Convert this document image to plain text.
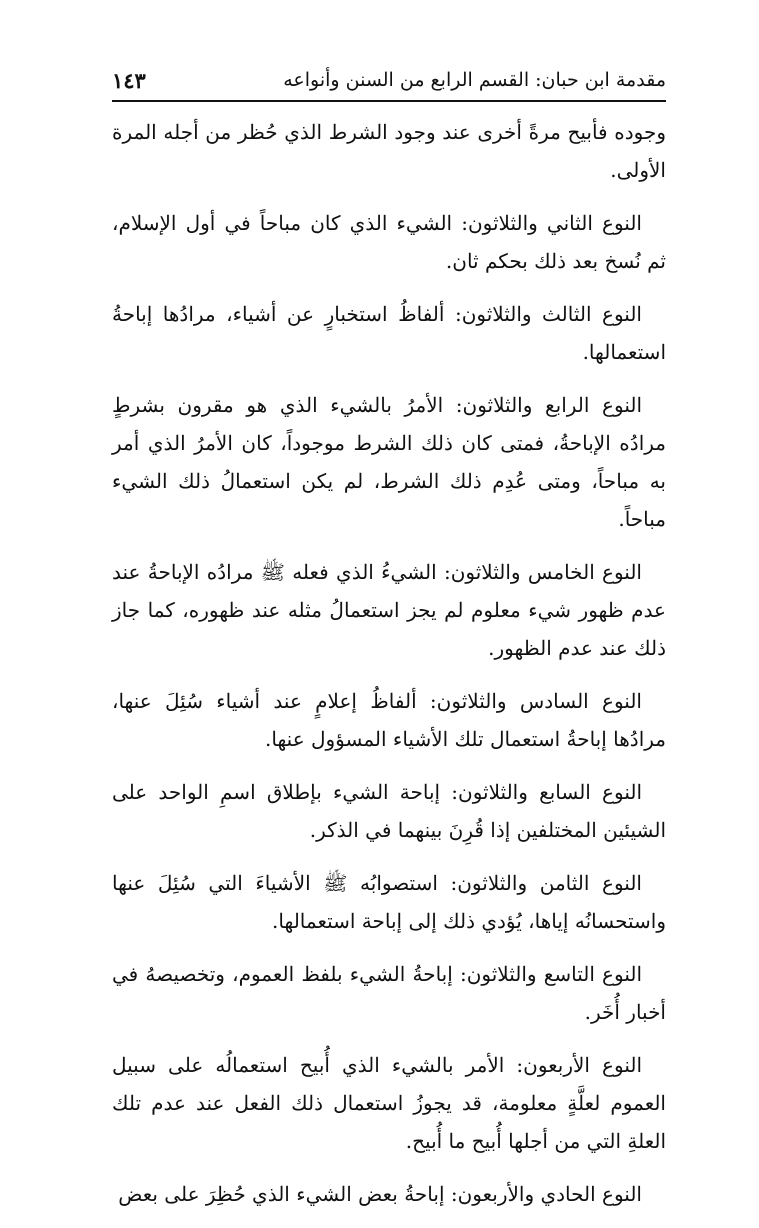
مقدمة ابن حبان: القسم الرابع من السنن وأنواعه
١٤٣

وجوده فأبيح مرةً أخرى عند وجود الشرط الذي حُظر من أجله المرة الأولى.

النوع الثاني والثلاثون: الشيء الذي كان مباحاً في أول الإسلام، ثم نُسخ بعد ذلك بحكم ثان.

النوع الثالث والثلاثون: ألفاظُ استخبارٍ عن أشياء، مرادُها إباحةُ استعمالها.

النوع الرابع والثلاثون: الأمرُ بالشيء الذي هو مقرون بشرطٍ مرادُه الإباحةُ، فمتى كان ذلك الشرط موجوداً، كان الأمرُ الذي أمر به مباحاً، ومتى عُدِم ذلك الشرط، لم يكن استعمالُ ذلك الشيء مباحاً.

النوع الخامس والثلاثون: الشيءُ الذي فعله ﷺ مرادُه الإباحةُ عند عدم ظهور شيء معلوم لم يجز استعمالُ مثله عند ظهوره، كما جاز ذلك عند عدم الظهور.

النوع السادس والثلاثون: ألفاظُ إعلامٍ عند أشياء سُئِلَ عنها، مرادُها إباحةُ استعمال تلك الأشياء المسؤول عنها.

النوع السابع والثلاثون: إباحة الشيء بإطلاق اسمِ الواحد على الشيئين المختلفين إذا قُرِنَ بينهما في الذكر.

النوع الثامن والثلاثون: استصوابُه ﷺ الأشياءَ التي سُئِلَ عنها واستحسانُه إياها، يُؤدي ذلك إلى إباحة استعمالها.

النوع التاسع والثلاثون: إباحةُ الشيء بلفظ العموم، وتخصيصهُ في أخبار أُخَر.

النوع الأربعون: الأمر بالشيء الذي أُبيح استعمالُه على سبيل العموم لعلَّةٍ معلومة، قد يجوزُ استعمال ذلك الفعل عند عدم تلك العلةِ التي من أجلها أُبيح ما أُبيح.

النوع الحادي والأربعون: إباحةُ بعض الشيء الذي حُظِرَ على بعض
